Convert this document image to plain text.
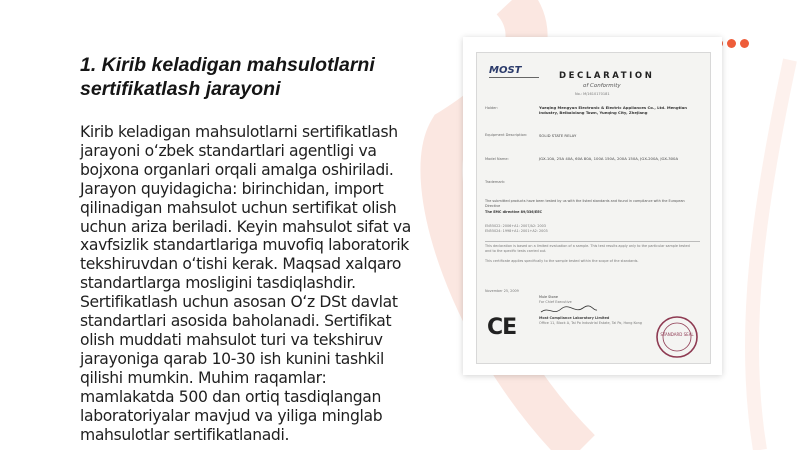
1. Kirib keladigan mahsulotlarni sertifikatlash jarayoni

Kirib keladigan mahsulotlarni sertifikatlash jarayoni oʻzbek standartlari agentligi va bojxona organlari orqali amalga oshiriladi. Jarayon quyidagicha: birinchidan, import qilinadigan mahsulot uchun sertifikat olish uchun ariza beriladi. Keyin mahsulot sifat va xavfsizlik standartlariga muvofiq laboratorik tekshiruvdan oʻtishi kerak. Maqsad xalqaro standartlarga mosligini tasdiqlashdir. Sertifikatlash uchun asosan Oʻz DSt davlat standartlari asosida baholanadi. Sertifikat olish muddati mahsulot turi va tekshiruv jarayoniga qarab 10-30 ish kunini tashkil qilishi mumkin. Muhim raqamlar: mamlakatda 500 dan ortiq tasdiqlangan laboratoriyalar mavjud va yiliga minglab mahsulotlar sertifikatlanadi.

MOST	DECLARATION
of Conformity
No.: M/1610170181
Holder:	Yueqing Mengyan Electronic & Electric Appliances Co., Ltd. Mengtian Industry, Beibaixiang Town, Yueqing City, Zhejiang
Equipment Description:	SOLID STATE RELAY
Model Name:	JGX-10A, 25A 40A, 60A 80A, 100A 150A, 200A 150A, JGX-200A, JGX-300A
Trademark:
The submitted products have been tested by us with the listed standards and found in compliance with the European Directive
The EMC directive 89/336/EEC
EN55022: 2006+A1: 2007/A2: 2003
EN55024: 1998+A1: 2001+A2: 2003
This declaration is based on a limited evaluation of a sample. This test results apply only to the particular sample tested and to the specific tests carried out.
This certificate applies specifically to the sample tested within the scope of the standards.
November 25, 2009
Mule Stone
For Chief Executive
CE	Most Compliance Laboratory Limited
Office 11, Block A, Tai Po Industrial Estate, Tai Po, Hong Kong
STANDARD SEAL
